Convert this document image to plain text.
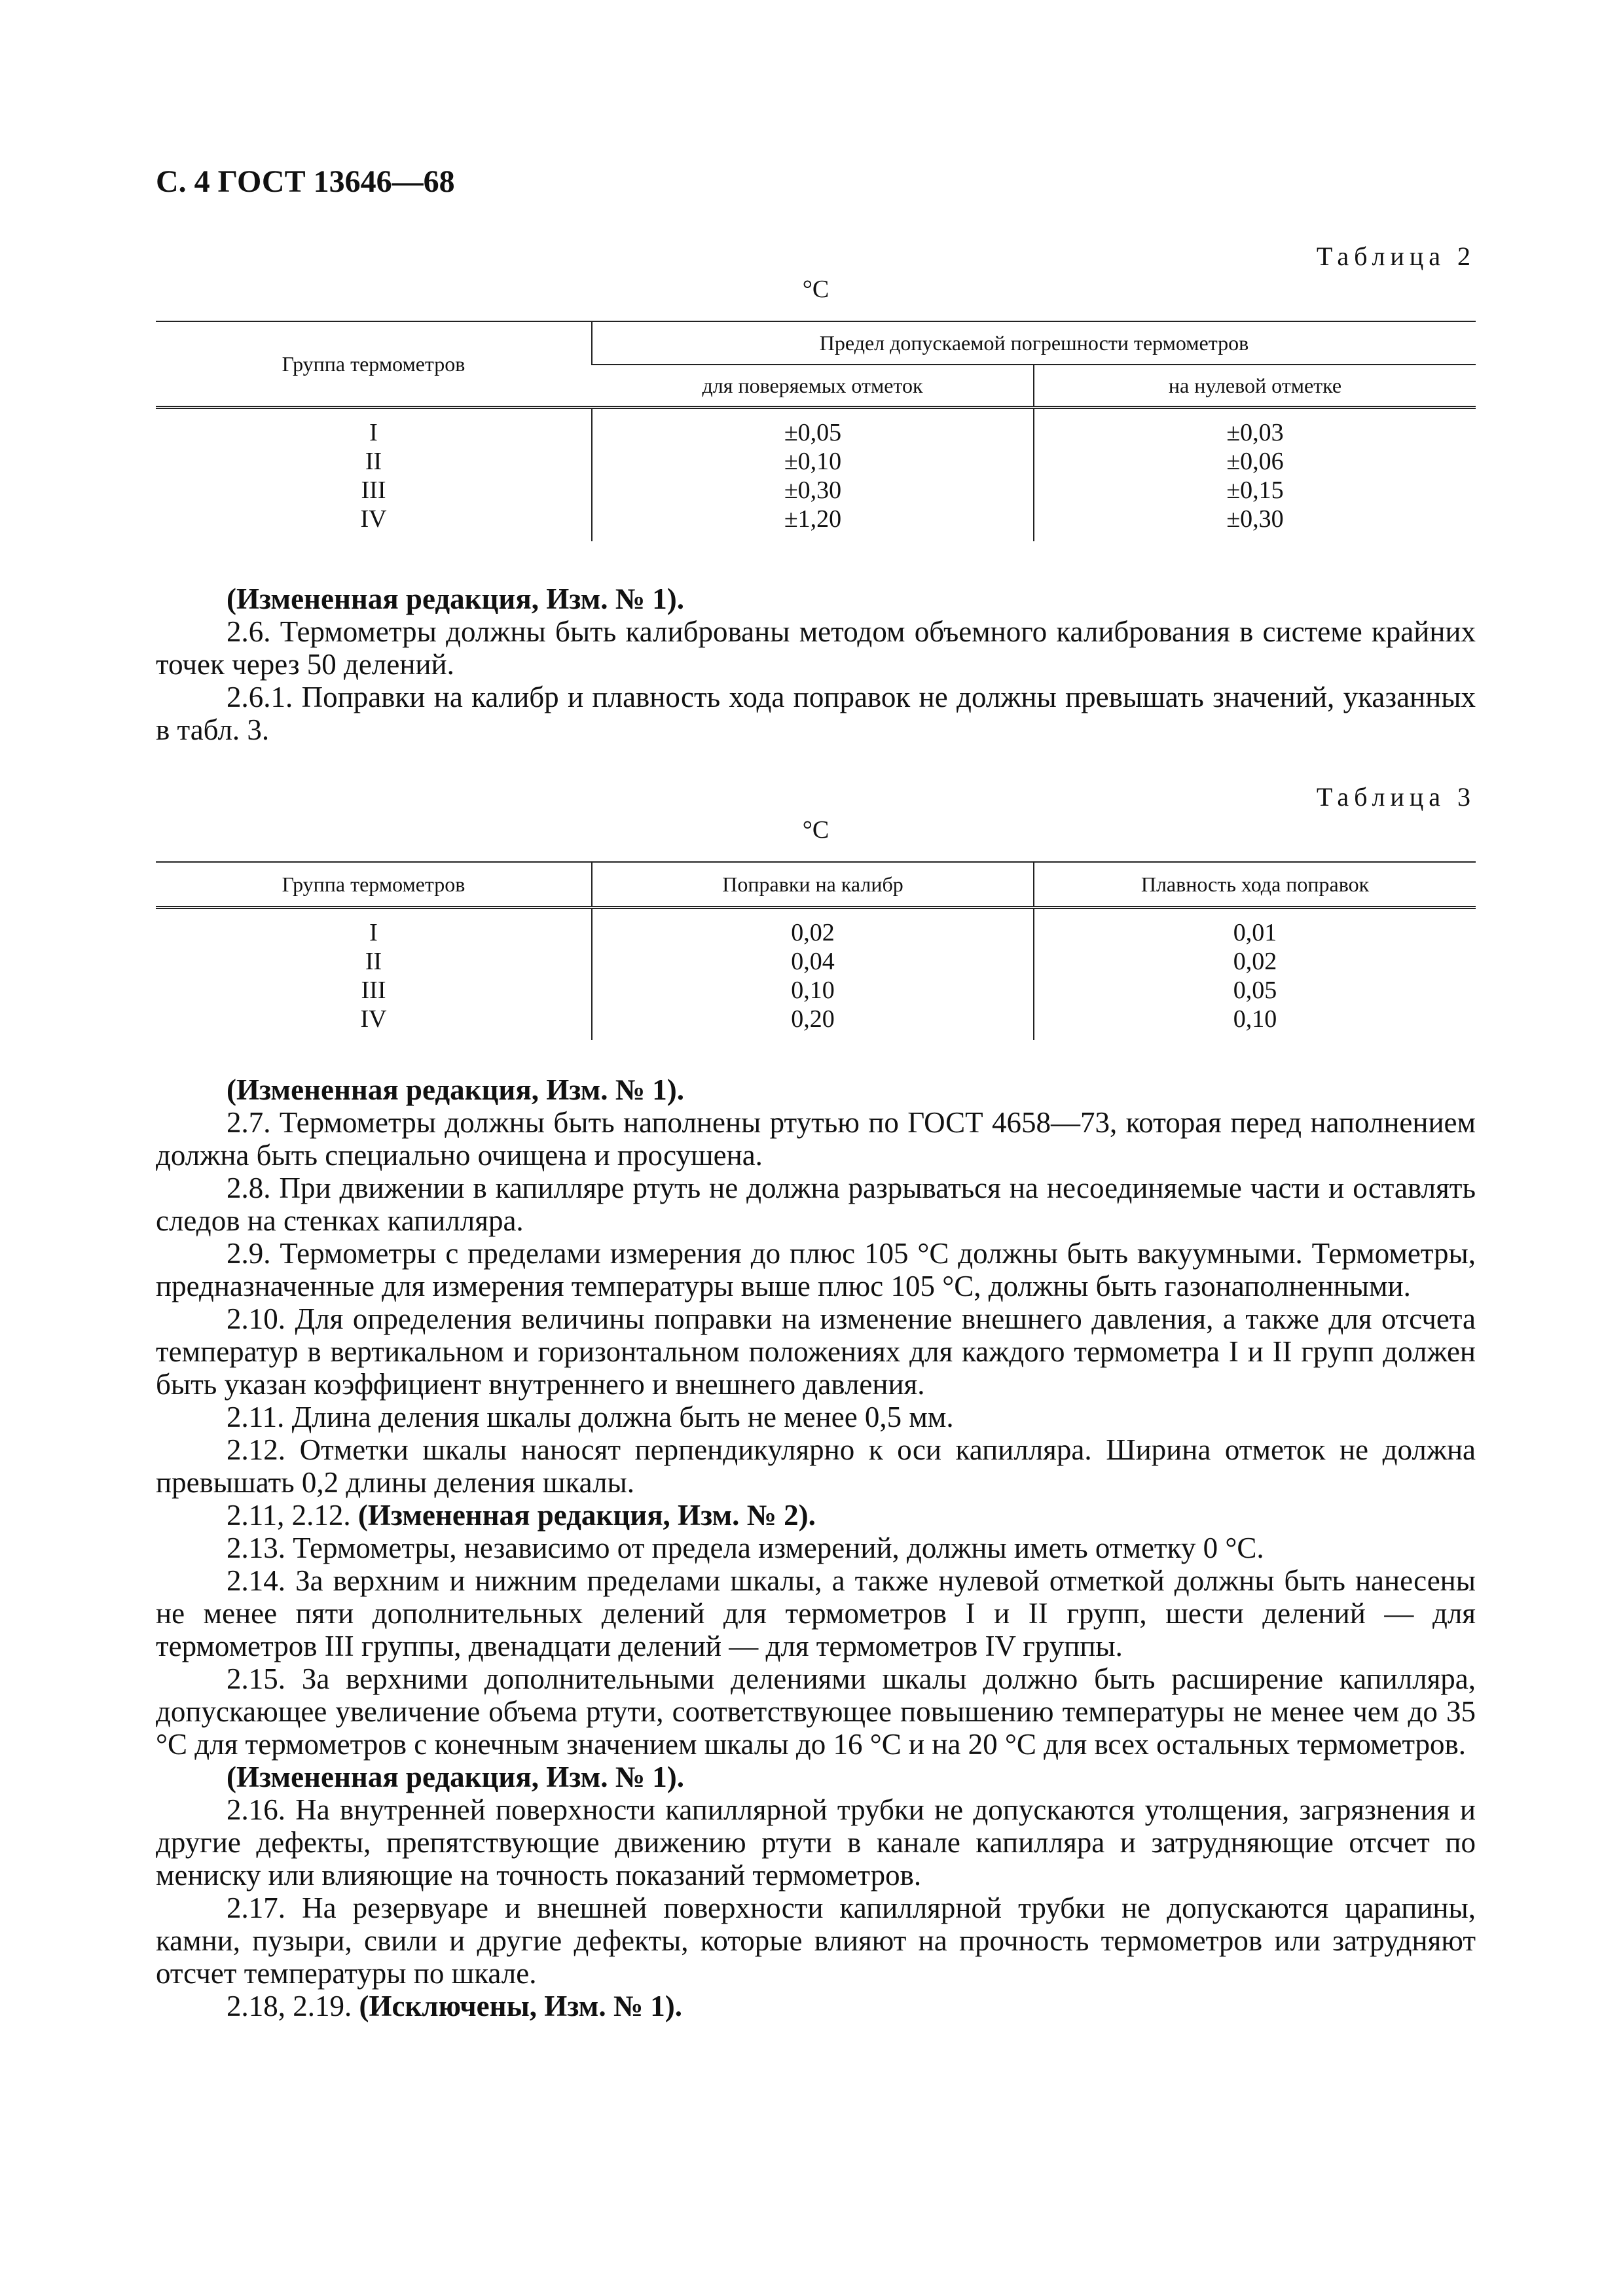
С. 4 ГОСТ 13646—68
Таблица 2
°С
Группа термометров	Предел допускаемой погрешности термометров	
	для поверяемых отметок	на нулевой отметке
I	±0,05	±0,03
II	±0,10	±0,06
III	±0,30	±0,15
IV	±1,20	±0,30

(Измененная редакция, Изм. № 1).

2.6. Термометры должны быть калиброваны методом объемного калибрования в системе крайних точек через 50 делений.

2.6.1. Поправки на калибр и плавность хода поправок не должны превышать значений, указанных в табл. 3.

Таблица 3
°С
Группа термометров	Поправки на калибр	Плавность хода поправок
I	0,02	0,01
II	0,04	0,02
III	0,10	0,05
IV	0,20	0,10

(Измененная редакция, Изм. № 1).

2.7. Термометры должны быть наполнены ртутью по ГОСТ 4658—73, которая перед наполнением должна быть специально очищена и просушена.

2.8. При движении в капилляре ртуть не должна разрываться на несоединяемые части и оставлять следов на стенках капилляра.

2.9. Термометры с пределами измерения до плюс 105 °С должны быть вакуумными. Термометры, предназначенные для измерения температуры выше плюс 105 °С, должны быть газонаполненными.

2.10. Для определения величины поправки на изменение внешнего давления, а также для отсчета температур в вертикальном и горизонтальном положениях для каждого термометра I и II групп должен быть указан коэффициент внутреннего и внешнего давления.

2.11. Длина деления шкалы должна быть не менее 0,5 мм.

2.12. Отметки шкалы наносят перпендикулярно к оси капилляра. Ширина отметок не должна превышать 0,2 длины деления шкалы.

2.11, 2.12. (Измененная редакция, Изм. № 2).

2.13. Термометры, независимо от предела измерений, должны иметь отметку 0 °С.

2.14. За верхним и нижним пределами шкалы, а также нулевой отметкой должны быть нанесены не менее пяти дополнительных делений для термометров I и II групп, шести делений — для термометров III группы, двенадцати делений — для термометров IV группы.

2.15. За верхними дополнительными делениями шкалы должно быть расширение капилляра, допускающее увеличение объема ртути, соответствующее повышению температуры не менее чем до 35 °С для термометров с конечным значением шкалы до 16 °С и на 20 °С для всех остальных термометров.

(Измененная редакция, Изм. № 1).

2.16. На внутренней поверхности капиллярной трубки не допускаются утолщения, загрязнения и другие дефекты, препятствующие движению ртути в канале капилляра и затрудняющие отсчет по мениску или влияющие на точность показаний термометров.

2.17. На резервуаре и внешней поверхности капиллярной трубки не допускаются царапины, камни, пузыри, свили и другие дефекты, которые влияют на прочность термометров или затрудняют отсчет температуры по шкале.

2.18, 2.19. (Исключены, Изм. № 1).
